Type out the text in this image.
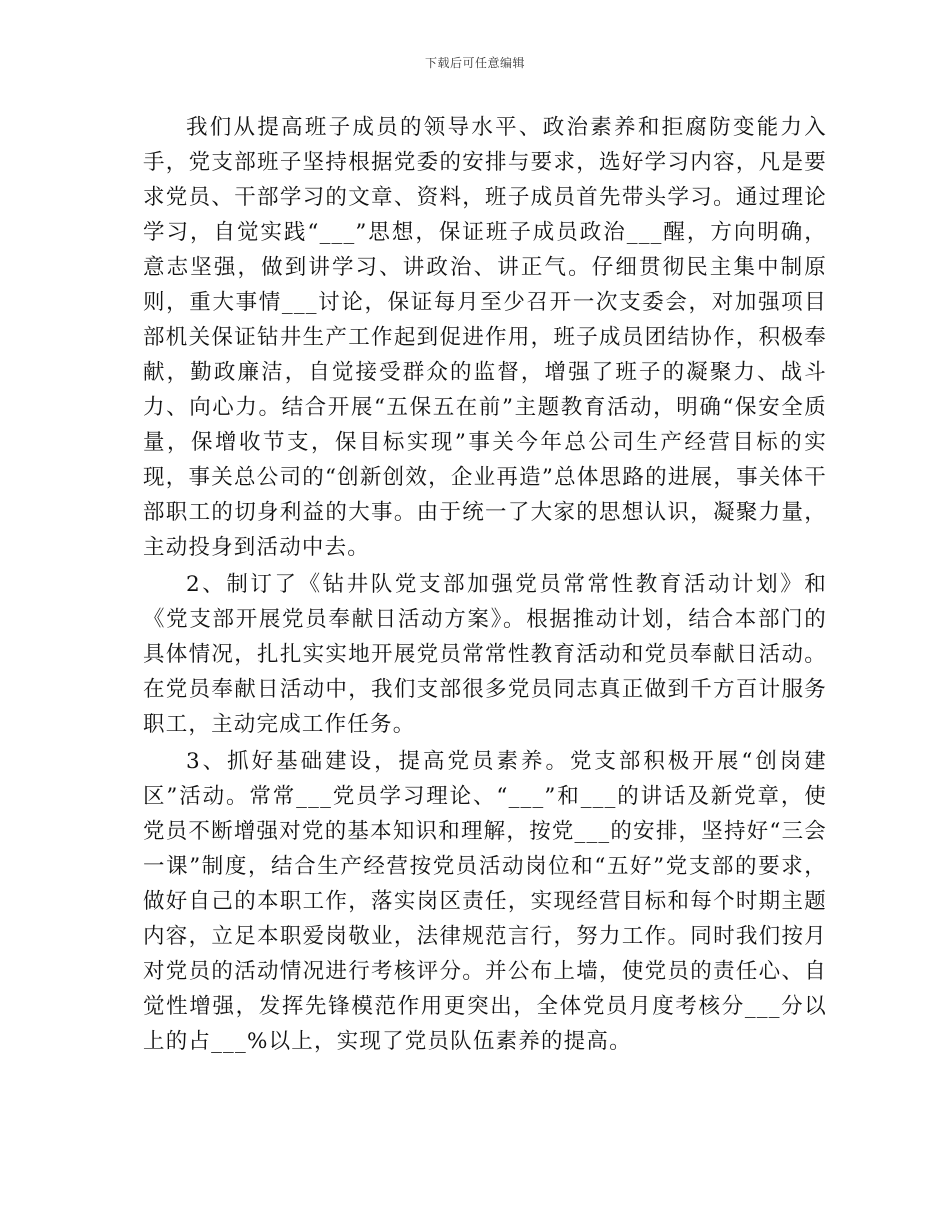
下载后可任意编辑

我们从提高班子成员的领导水平、政治素养和拒腐防变能力入手，党支部班子坚持根据党委的安排与要求，选好学习内容，凡是要求党员、干部学习的文章、资料，班子成员首先带头学习。通过理论学习，自觉实践“___”思想，保证班子成员政治___醒，方向明确，意志坚强，做到讲学习、讲政治、讲正气。仔细贯彻民主集中制原则，重大事情___讨论，保证每月至少召开一次支委会，对加强项目部机关保证钻井生产工作起到促进作用，班子成员团结协作，积极奉献，勤政廉洁，自觉接受群众的监督，增强了班子的凝聚力、战斗力、向心力。结合开展“五保五在前”主题教育活动，明确“保安全质量，保增收节支，保目标实现”事关今年总公司生产经营目标的实现，事关总公司的“创新创效，企业再造”总体思路的进展，事关体干部职工的切身利益的大事。由于统一了大家的思想认识，凝聚力量，主动投身到活动中去。

2、制订了《钻井队党支部加强党员常常性教育活动计划》和《党支部开展党员奉献日活动方案》。根据推动计划，结合本部门的具体情况，扎扎实实地开展党员常常性教育活动和党员奉献日活动。在党员奉献日活动中，我们支部很多党员同志真正做到千方百计服务职工，主动完成工作任务。

3、抓好基础建设，提高党员素养。党支部积极开展“创岗建区”活动。常常___党员学习理论、“___”和___的讲话及新党章，使党员不断增强对党的基本知识和理解，按党___的安排，坚持好“三会一课”制度，结合生产经营按党员活动岗位和“五好”党支部的要求，做好自己的本职工作，落实岗区责任，实现经营目标和每个时期主题内容，立足本职爱岗敬业，法律规范言行，努力工作。同时我们按月对党员的活动情况进行考核评分。并公布上墙，使党员的责任心、自觉性增强，发挥先锋模范作用更突出，全体党员月度考核分___分以上的占___%以上，实现了党员队伍素养的提高。
